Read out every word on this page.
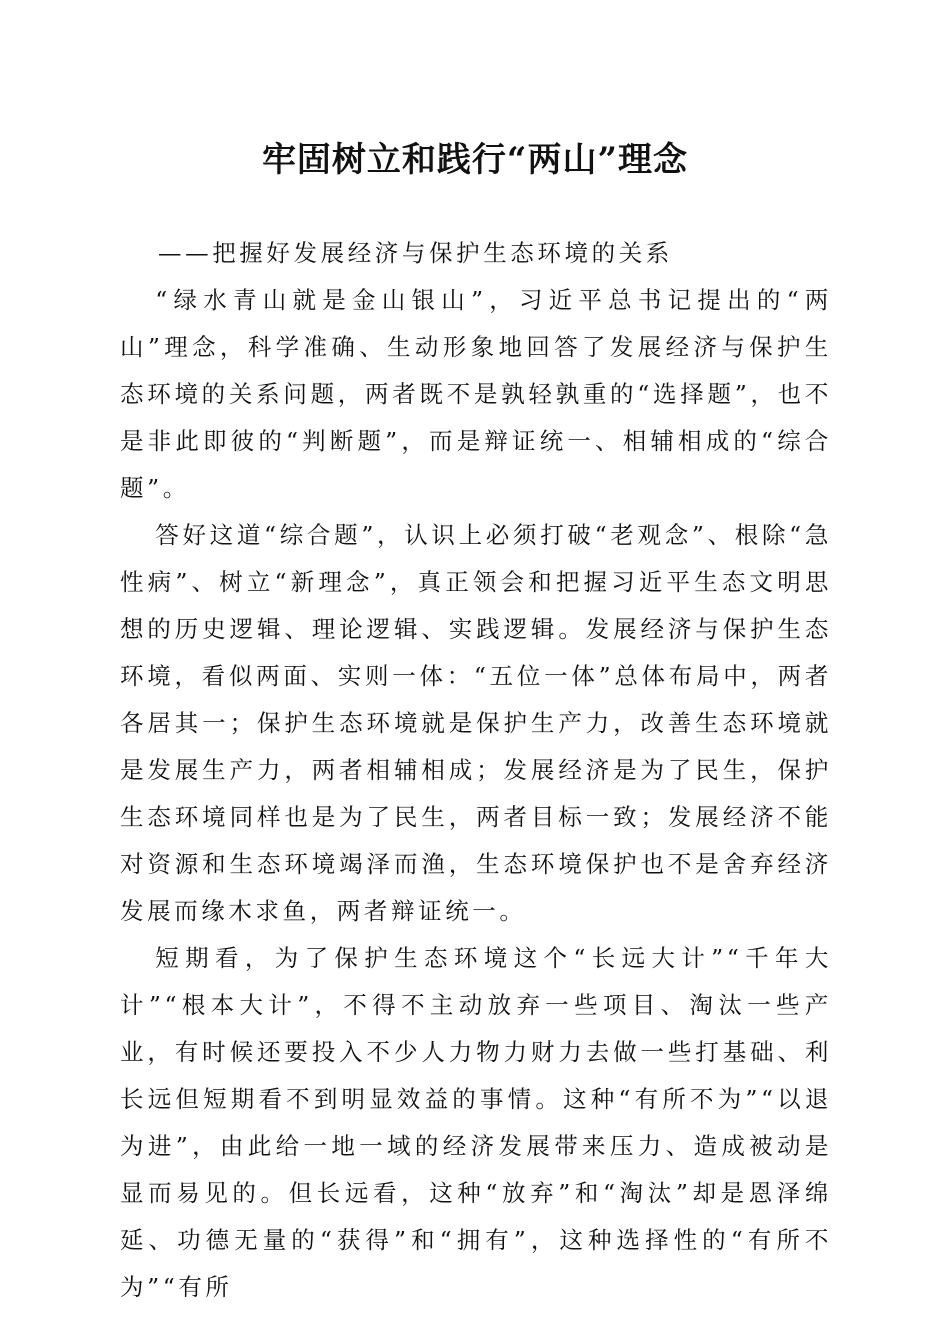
牢固树立和践行“两山”理念

——把握好发展经济与保护生态环境的关系

“绿水青山就是金山银山”，习近平总书记提出的“两山”理念，科学准确、生动形象地回答了发展经济与保护生态环境的关系问题，两者既不是孰轻孰重的“选择题”，也不是非此即彼的“判断题”，而是辩证统一、相辅相成的“综合题”。

答好这道“综合题”，认识上必须打破“老观念”、根除“急性病”、树立“新理念”，真正领会和把握习近平生态文明思想的历史逻辑、理论逻辑、实践逻辑。发展经济与保护生态环境，看似两面、实则一体：“五位一体”总体布局中，两者各居其一；保护生态环境就是保护生产力，改善生态环境就是发展生产力，两者相辅相成；发展经济是为了民生，保护生态环境同样也是为了民生，两者目标一致；发展经济不能对资源和生态环境竭泽而渔，生态环境保护也不是舍弃经济发展而缘木求鱼，两者辩证统一。

短期看，为了保护生态环境这个“长远大计”“千年大计”“根本大计”，不得不主动放弃一些项目、淘汰一些产业，有时候还要投入不少人力物力财力去做一些打基础、利长远但短期看不到明显效益的事情。这种“有所不为”“以退为进”，由此给一地一域的经济发展带来压力、造成被动是显而易见的。但长远看，这种“放弃”和“淘汰”却是恩泽绵延、功德无量的“获得”和“拥有”，这种选择性的“有所不为”“有所
